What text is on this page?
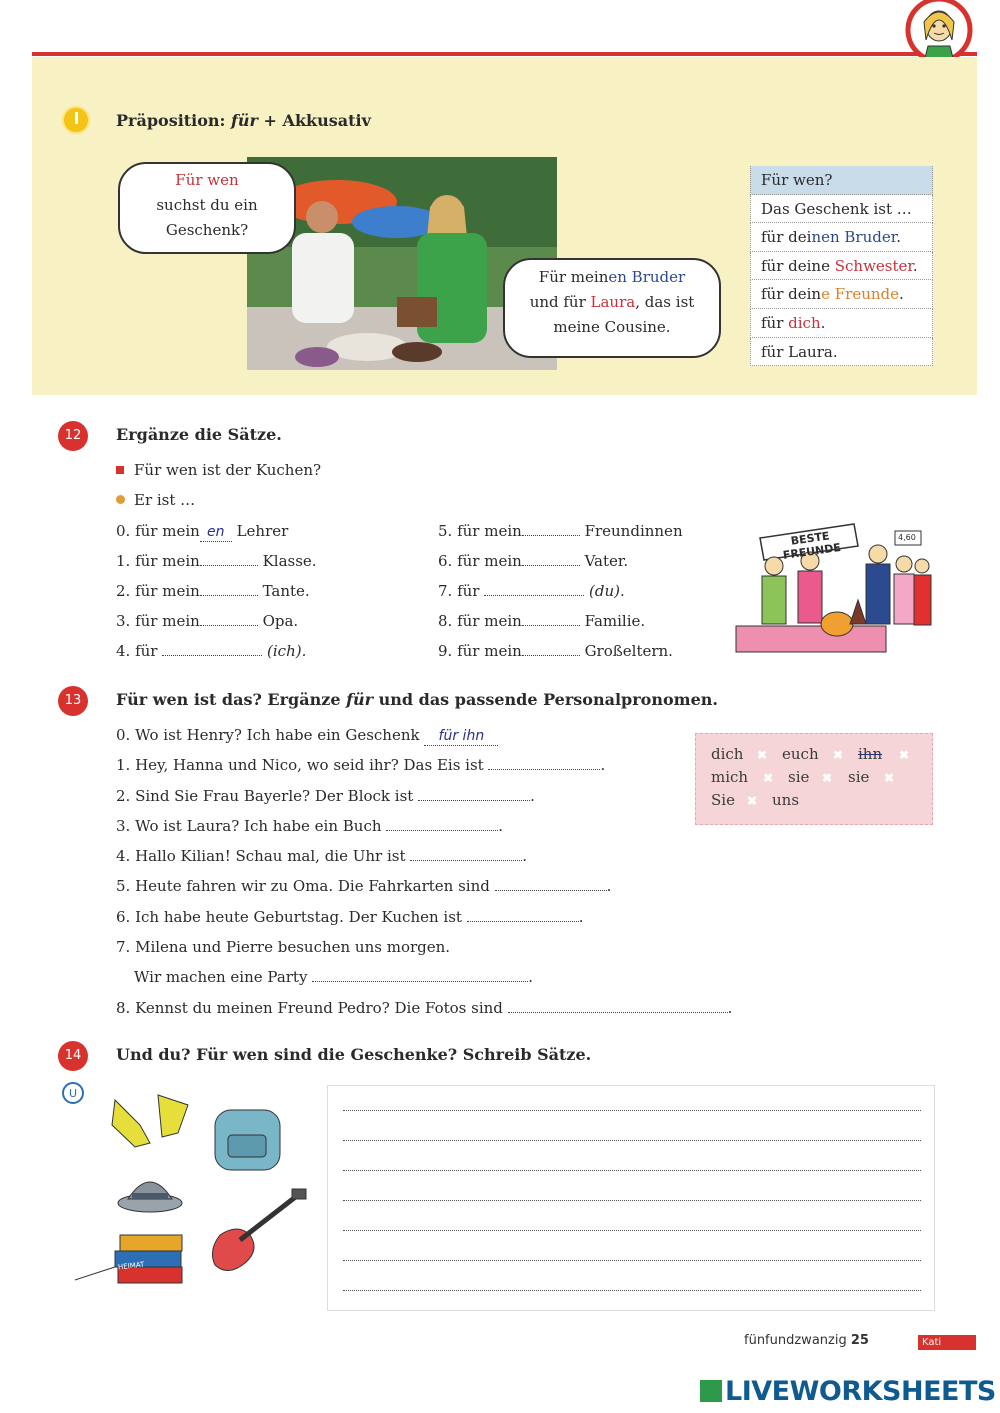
Präposition: für + Akkusativ
Für wen
suchst du ein
Geschenk?
Für meinen Bruder
und für Laura, das ist
meine Cousine.
Für wen?
Das Geschenk ist …
für deinen Bruder.
für deine Schwester.
für deine Freunde.
für dich.
für Laura.
12	Ergänze die Sätze.
Für wen ist der Kuchen?
Er ist …
0. für mein en Lehrer
1. für mein	Klasse.
2. für mein	Tante.
3. für mein	Opa.
4. für	(ich).
5. für mein	Freundinnen
6. für mein	Vater.
7. für	(du).
8. für mein	Familie.
9. für mein	Großeltern.
BESTE FREUNDE
4,60
13	Für wen ist das? Ergänze für und das passende Personalpronomen.
0. Wo ist Henry? Ich habe ein Geschenk für ihn
1. Hey, Hanna und Nico, wo seid ihr? Das Eis ist	.
2. Sind Sie Frau Bayerle? Der Block ist	.
3. Wo ist Laura? Ich habe ein Buch	.
4. Hallo Kilian! Schau mal, die Uhr ist	.
5. Heute fahren wir zu Oma. Die Fahrkarten sind	.
6. Ich habe heute Geburtstag. Der Kuchen ist	.
7. Milena und Pierre besuchen uns morgen.
Wir machen eine Party	.
8. Kennst du meinen Freund Pedro? Die Fotos sind	.
dich ✖ euch ✖ ihn ✖
mich ✖ sie ✖ sie ✖
Sie ✖ uns
14	Und du? Für wen sind die Geschenke? Schreib Sätze.
U
HEIMAT
fünfundzwanzig 25	Kati
LIVEWORKSHEETS
